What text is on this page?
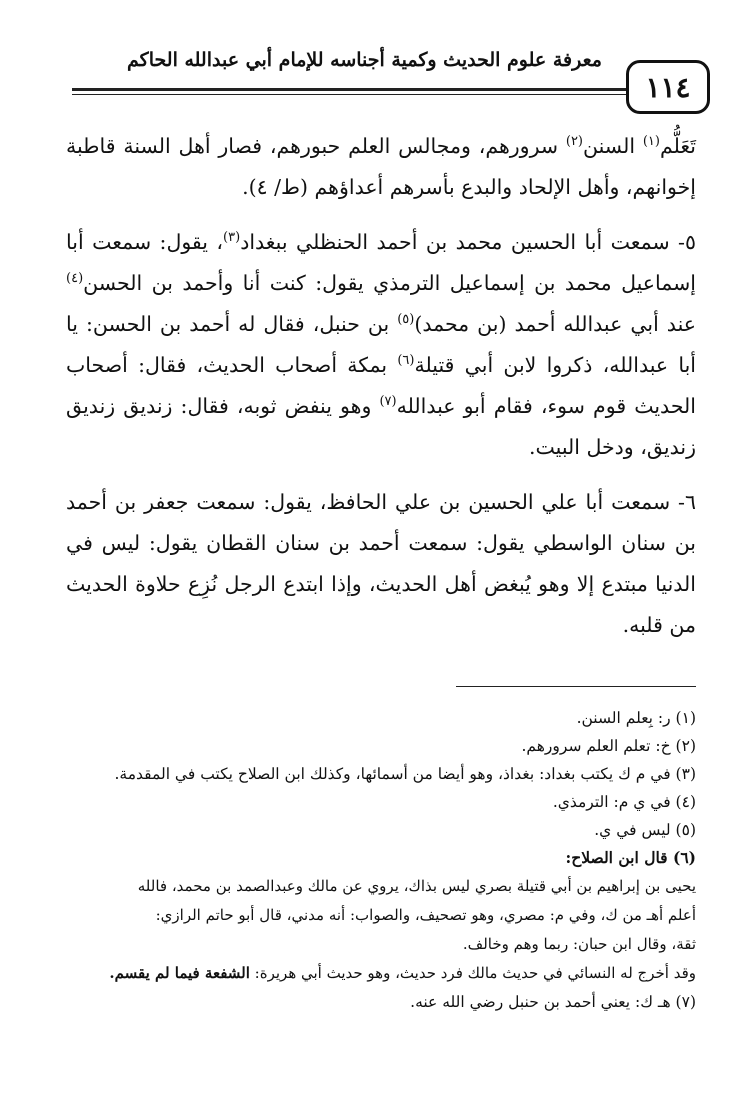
معرفة علوم الحديث وكمية أجناسه للإمام أبي عبدالله الحاكم
١١٤

تَعَلُّم$^{(١)}$ السنن$^{(٢)}$ سرورهم، ومجالس العلم حبورهم، فصار أهل السنة قاطبة إخوانهم، وأهل الإلحاد والبدع بأسرهم أعداؤهم (ط/ ٤).

٥- سمعت أبا الحسين محمد بن أحمد الحنظلي ببغداد$^{(٣)}$، يقول: سمعت أبا إسماعيل محمد بن إسماعيل الترمذي يقول: كنت أنا وأحمد بن الحسن$^{(٤)}$ عند أبي عبدالله أحمد (بن محمد)$^{(٥)}$ بن حنبل، فقال له أحمد بن الحسن: يا أبا عبدالله، ذكروا لابن أبي قتيلة$^{(٦)}$ بمكة أصحاب الحديث، فقال: أصحاب الحديث قوم سوء، فقام أبو عبدالله$^{(٧)}$ وهو ينفض ثوبه، فقال: زنديق زنديق زنديق، ودخل البيت.

٦- سمعت أبا علي الحسين بن علي الحافظ، يقول: سمعت جعفر بن أحمد بن سنان الواسطي يقول: سمعت أحمد بن سنان القطان يقول: ليس في الدنيا مبتدع إلا وهو يُبغض أهل الحديث، وإذا ابتدع الرجل نُزِع حلاوة الحديث من قلبه.

(١) ر: بِعلم السنن.

(٢) خ: تعلم العلم سرورهم.

(٣) في م ك يكتب بغداد: بغداذ، وهو أيضا من أسمائها، وكذلك ابن الصلاح يكتب في المقدمة.

(٤) في ي م: الترمذي.

(٥) ليس في ي.

(٦) قال ابن الصلاح:

يحيى بن إبراهيم بن أبي قتيلة بصري ليس بذاك، يروي عن مالك وعبدالصمد بن محمد، فالله

أعلم أهـ من ك، وفي م: مصري، وهو تصحيف، والصواب: أنه مدني، قال أبو حاتم الرازي:

ثقة، وقال ابن حبان: ربما وهم وخالف.

وقد أخرج له النسائي في حديث مالك فرد حديث، وهو حديث أبي هريرة: الشفعة فيما لم يقسم.

(٧) هـ ك: يعني أحمد بن حنبل رضي الله عنه.
